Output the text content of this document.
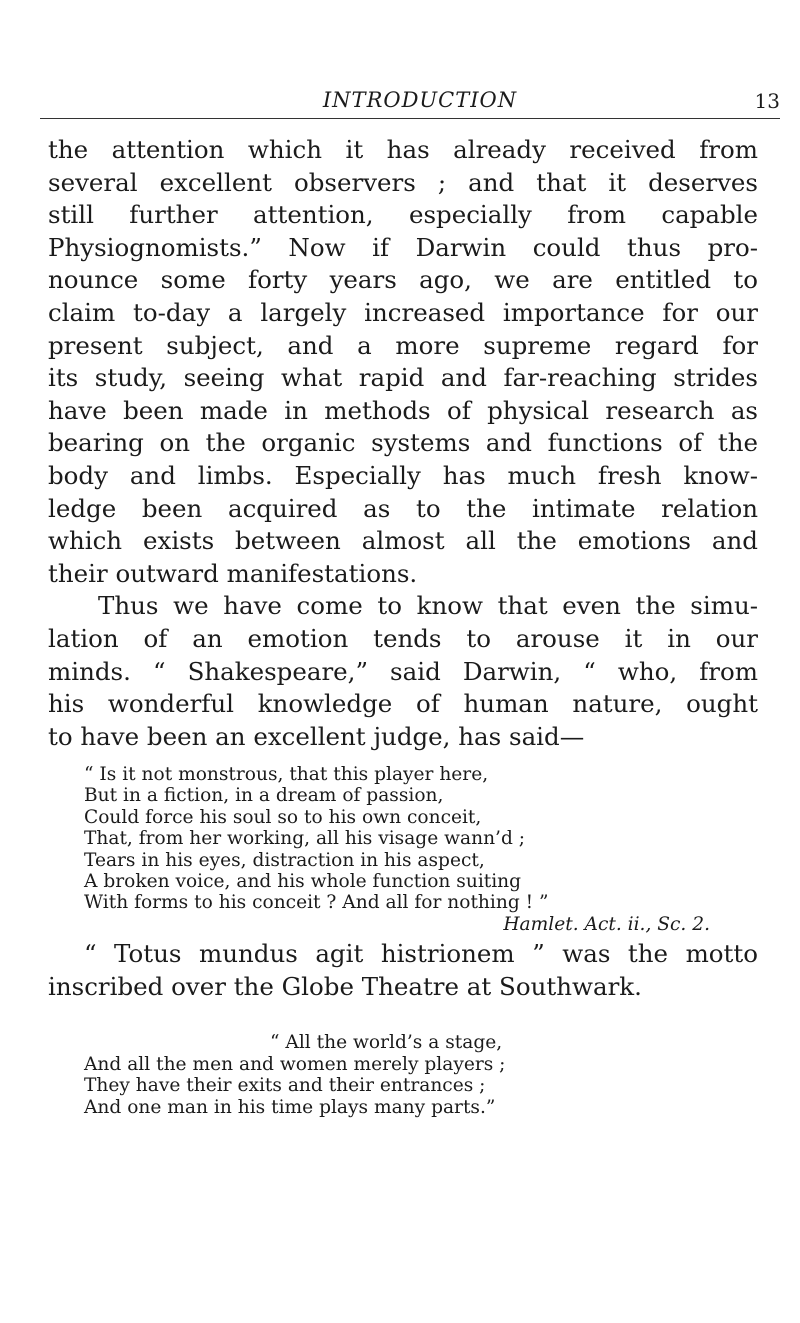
INTRODUCTION	13
the attention which it has already received from
several excellent observers ; and that it deserves
still further attention, especially from capable
Physiognomists.” Now if Darwin could thus pro-
nounce some forty years ago, we are entitled to
claim to-day a largely increased importance for our
present subject, and a more supreme regard for
its study, seeing what rapid and far-reaching strides
have been made in methods of physical research as
bearing on the organic systems and functions of the
body and limbs. Especially has much fresh know-
ledge been acquired as to the intimate relation
which exists between almost all the emotions and
their outward manifestations.
Thus we have come to know that even the simu-
lation of an emotion tends to arouse it in our
minds. “ Shakespeare,” said Darwin, “ who, from
his wonderful knowledge of human nature, ought
to have been an excellent judge, has said—
“ Is it not monstrous, that this player here,
But in a fiction, in a dream of passion,
Could force his soul so to his own conceit,
That, from her working, all his visage wann’d ;
Tears in his eyes, distraction in his aspect,
A broken voice, and his whole function suiting
With forms to his conceit ? And all for nothing ! ”
Hamlet. Act. ii., Sc. 2.
“ Totus mundus agit histrionem ” was the motto
inscribed over the Globe Theatre at Southwark.
“ All the world’s a stage,
And all the men and women merely players ;
They have their exits and their entrances ;
And one man in his time plays many parts.”
